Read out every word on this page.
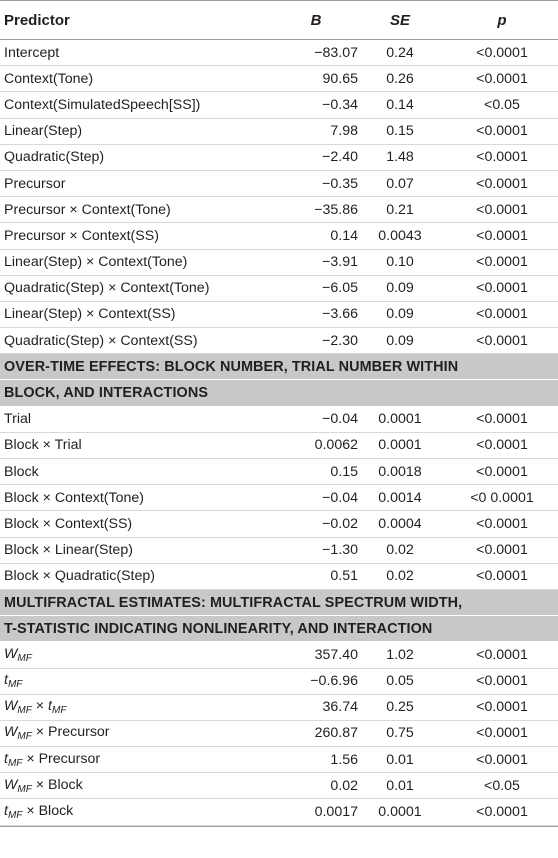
Predictor	B	SE	p
Intercept	−83.07	0.24	<0.0001
Context(Tone)	90.65	0.26	<0.0001
Context(SimulatedSpeech[SS])	−0.34	0.14	<0.05
Linear(Step)	7.98	0.15	<0.0001
Quadratic(Step)	−2.40	1.48	<0.0001
Precursor	−0.35	0.07	<0.0001
Precursor × Context(Tone)	−35.86	0.21	<0.0001
Precursor × Context(SS)	0.14	0.0043	<0.0001
Linear(Step) × Context(Tone)	−3.91	0.10	<0.0001
Quadratic(Step) × Context(Tone)	−6.05	0.09	<0.0001
Linear(Step) × Context(SS)	−3.66	0.09	<0.0001
Quadratic(Step) × Context(SS)	−2.30	0.09	<0.0001
OVER-TIME EFFECTS: BLOCK NUMBER, TRIAL NUMBER WITHIN
BLOCK, AND INTERACTIONS
Trial	−0.04	0.0001	<0.0001
Block × Trial	0.0062	0.0001	<0.0001
Block	0.15	0.0018	<0.0001
Block × Context(Tone)	−0.04	0.0014	<0 0.0001
Block × Context(SS)	−0.02	0.0004	<0.0001
Block × Linear(Step)	−1.30	0.02	<0.0001
Block × Quadratic(Step)	0.51	0.02	<0.0001
MULTIFRACTAL ESTIMATES: MULTIFRACTAL SPECTRUM WIDTH,
T-STATISTIC INDICATING NONLINEARITY, AND INTERACTION
$W_{MF}$	357.40	1.02	<0.0001
$t_{MF}$	−0.6.96	0.05	<0.0001
$W_{MF} \times t_{MF}$	36.74	0.25	<0.0001
$W_{MF}$ × Precursor	260.87	0.75	<0.0001
$t_{MF}$ × Precursor	1.56	0.01	<0.0001
$W_{MF}$ × Block	0.02	0.01	<0.05
$t_{MF}$ × Block	0.0017	0.0001	<0.0001
